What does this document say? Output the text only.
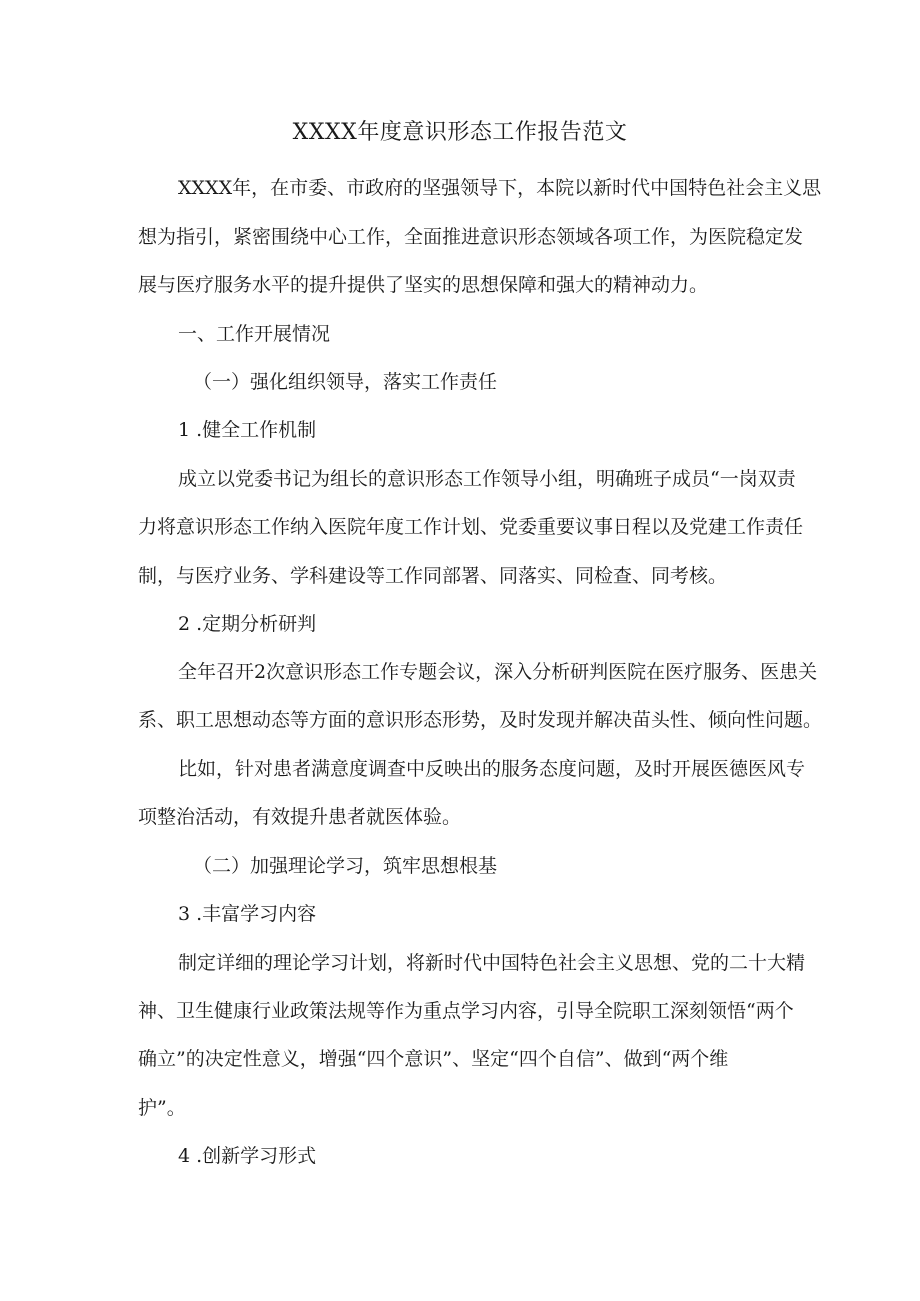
XXXX年度意识形态工作报告范文
XXXX年，在市委、市政府的坚强领导下，本院以新时代中国特色社会主义思
想为指引，紧密围绕中心工作，全面推进意识形态领域各项工作，为医院稳定发
展与医疗服务水平的提升提供了坚实的思想保障和强大的精神动力。
一、工作开展情况
（一）强化组织领导，落实工作责任
1 .健全工作机制
成立以党委书记为组长的意识形态工作领导小组，明确班子成员“一岗双责
力将意识形态工作纳入医院年度工作计划、党委重要议事日程以及党建工作责任
制，与医疗业务、学科建设等工作同部署、同落实、同检查、同考核。
2 .定期分析研判
全年召开2次意识形态工作专题会议，深入分析研判医院在医疗服务、医患关
系、职工思想动态等方面的意识形态形势，及时发现并解决苗头性、倾向性问题。
比如，针对患者满意度调查中反映出的服务态度问题，及时开展医德医风专
项整治活动，有效提升患者就医体验。
（二）加强理论学习，筑牢思想根基
3 .丰富学习内容
制定详细的理论学习计划，将新时代中国特色社会主义思想、党的二十大精
神、卫生健康行业政策法规等作为重点学习内容，引导全院职工深刻领悟“两个
确立”的决定性意义，增强“四个意识”、坚定“四个自信”、做到“两个维
护”。
4 .创新学习形式
